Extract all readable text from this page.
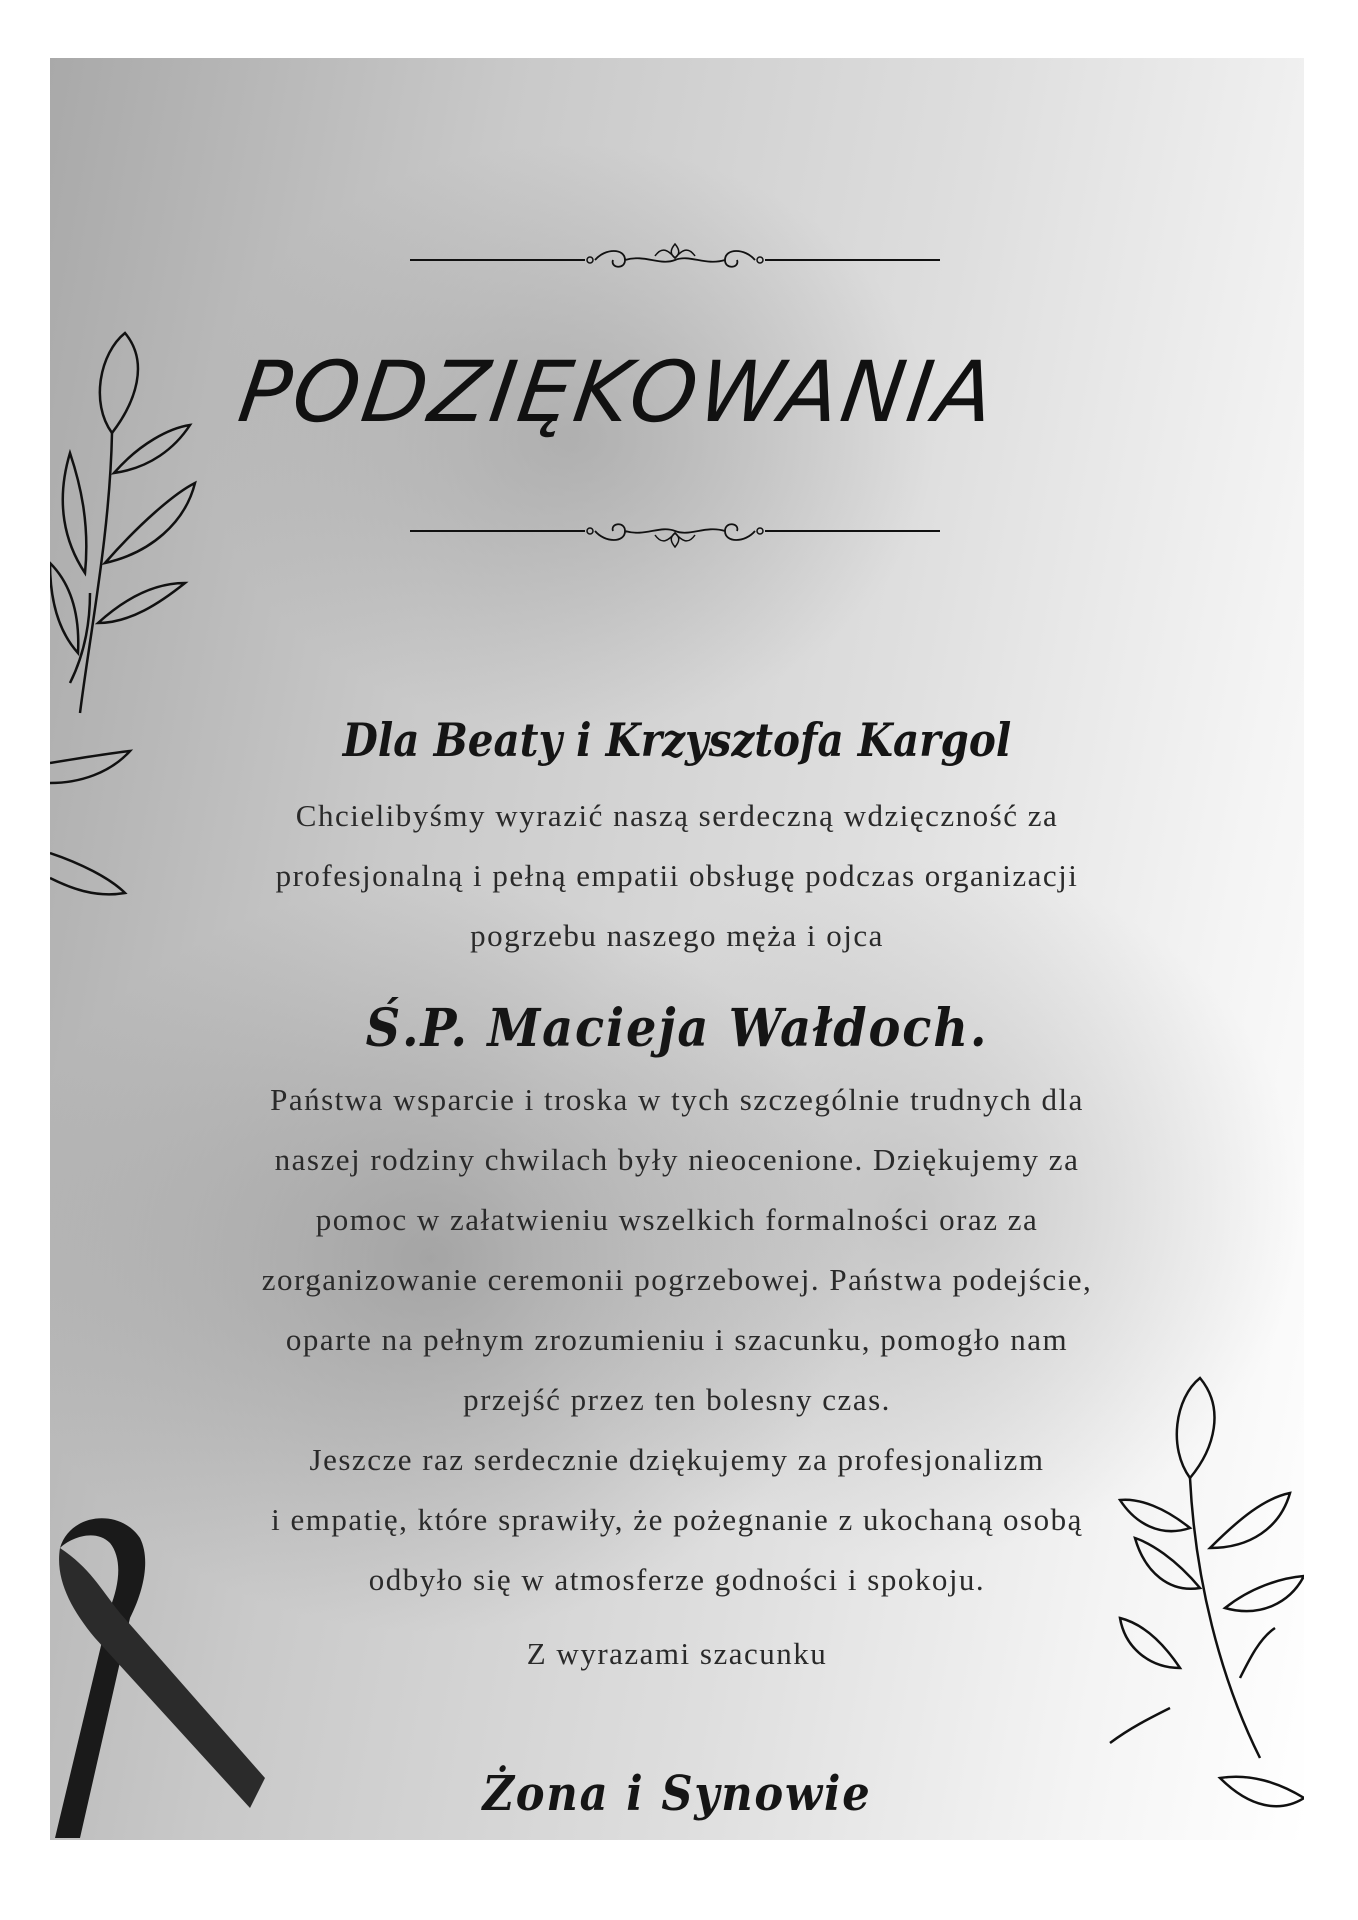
PODZIĘKOWANIA
Dla Beaty i Krzysztofa Kargol

Chcielibyśmy wyrazić naszą serdeczną wdzięczność za
profesjonalną i pełną empatii obsługę podczas organizacji
pogrzebu naszego męża i ojca

Ś.P. Macieja Wałdoch.

Państwa wsparcie i troska w tych szczególnie trudnych dla
naszej rodziny chwilach były nieocenione. Dziękujemy za
pomoc w załatwieniu wszelkich formalności oraz za
zorganizowanie ceremonii pogrzebowej. Państwa podejście,
oparte na pełnym zrozumieniu i szacunku, pomogło nam
przejść przez ten bolesny czas.
Jeszcze raz serdecznie dziękujemy za profesjonalizm
i empatię, które sprawiły, że pożegnanie z ukochaną osobą
odbyło się w atmosferze godności i spokoju.

Z wyrazami szacunku
Żona i Synowie
